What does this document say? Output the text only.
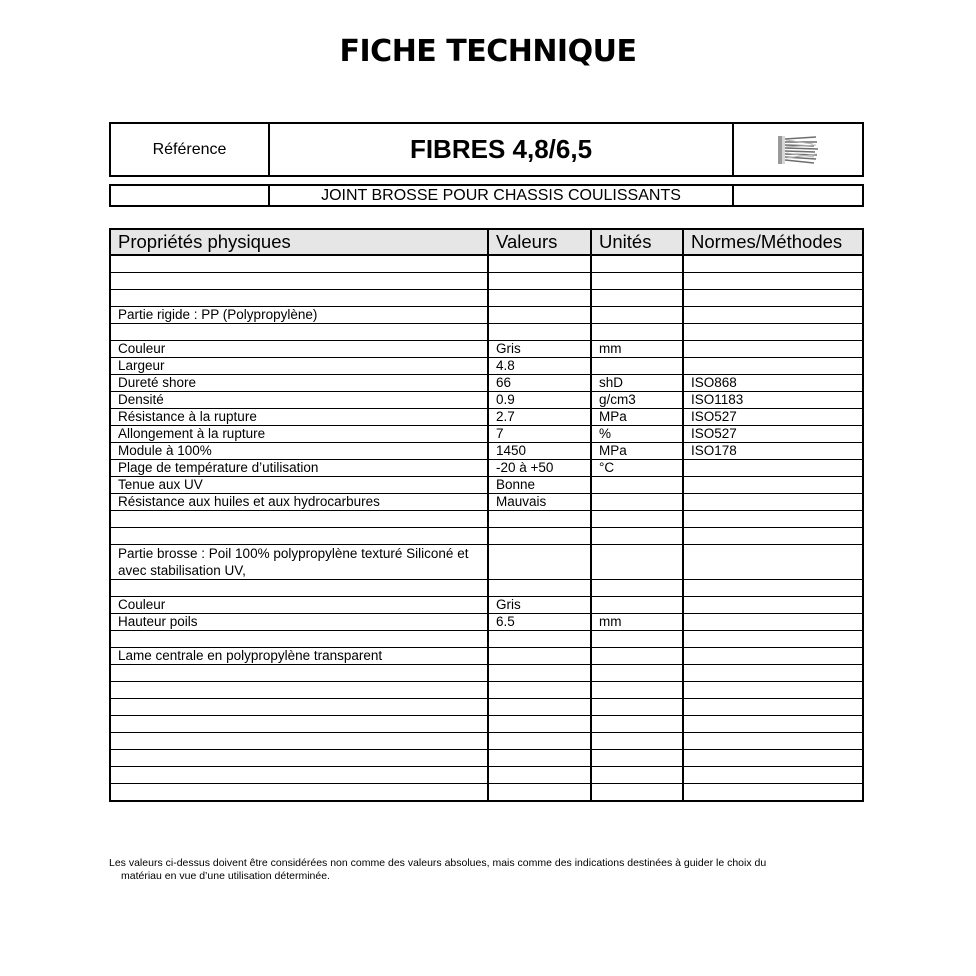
FICHE TECHNIQUE
Référence	FIBRES 4,8/6,5
JOINT BROSSE POUR CHASSIS COULISSANTS
Propriétés physiques	Valeurs	Unités	Normes/Méthodes

Partie rigide : PP (Polypropylène)			

Couleur	Gris	mm	
Largeur	4.8		
Dureté shore	66	shD	ISO868
Densité	0.9	g/cm3	ISO1183
Résistance à la rupture	2.7	MPa	ISO527
Allongement à la rupture	7	%	ISO527
Module à 100%	1450	MPa	ISO178
Plage de température d’utilisation	-20 à +50	°C	
Tenue aux UV	Bonne		
Résistance aux huiles et aux hydrocarbures	Mauvais		

Partie brosse : Poil 100% polypropylène texturé Siliconé et avec stabilisation UV,			

Couleur	Gris		
Hauteur poils	6.5	mm	

Lame centrale en polypropylène transparent			

Les valeurs ci-dessus doivent être considérées non comme des valeurs absolues, mais comme des indications destinées à guider le choix du
matériau en vue d’une utilisation déterminée.
